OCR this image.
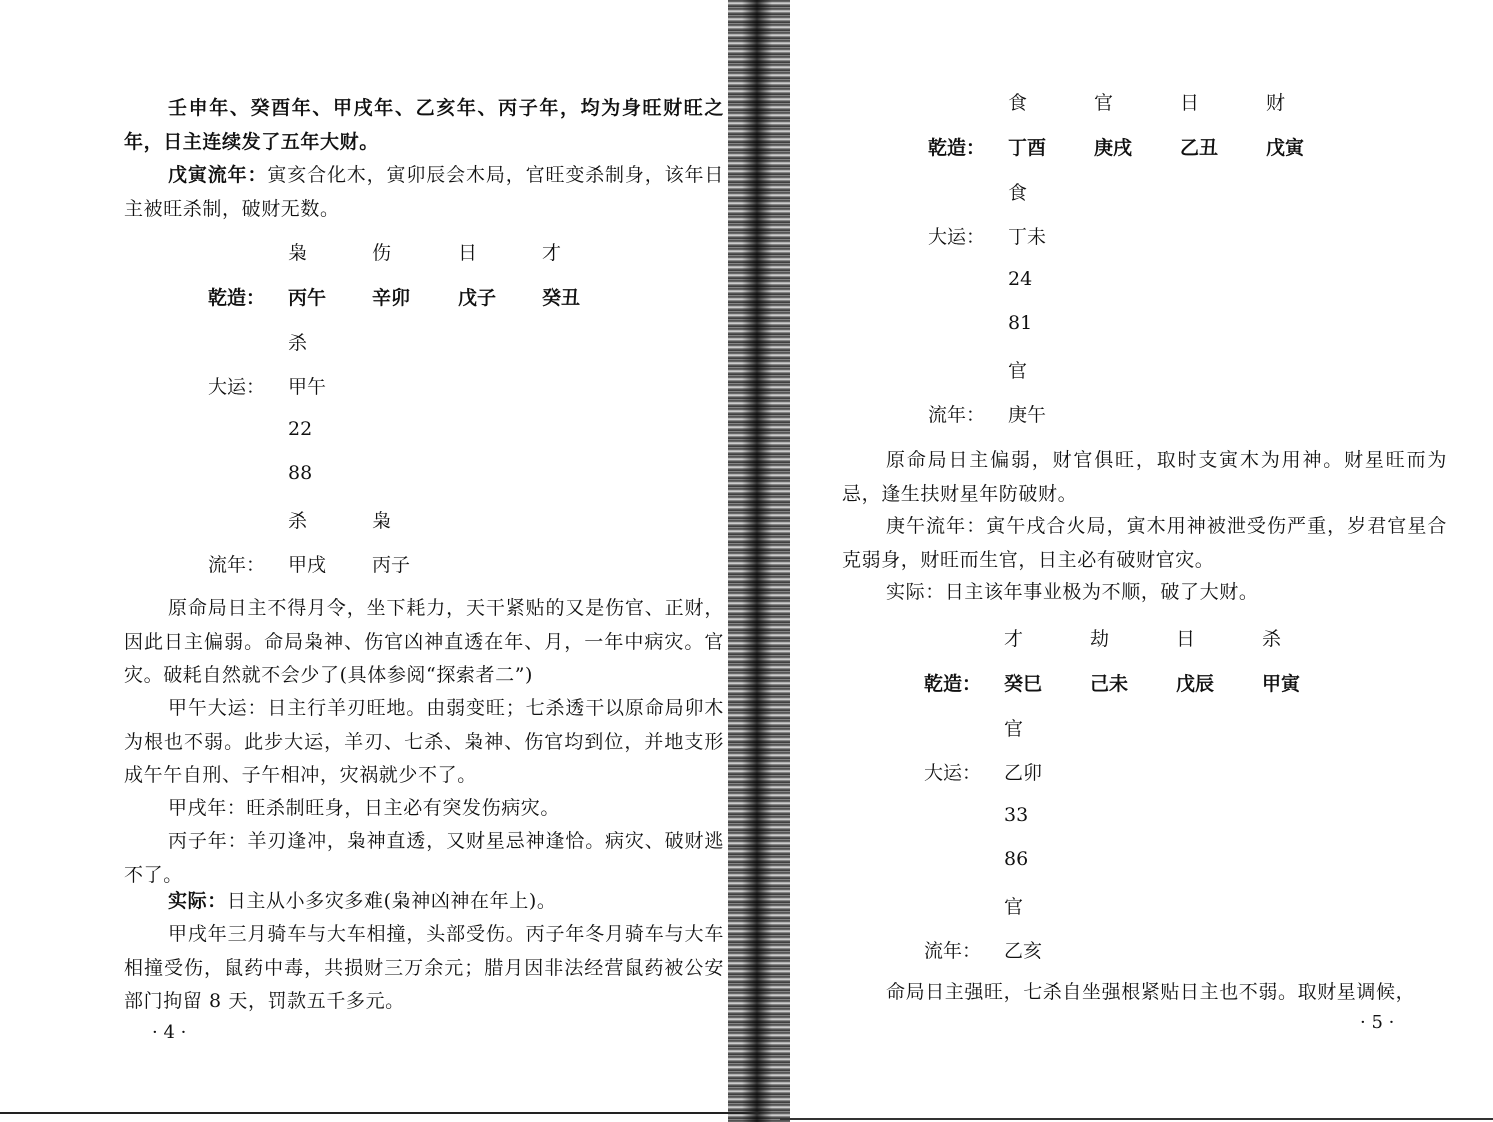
壬申年、癸酉年、甲戌年、乙亥年、丙子年，均为身旺财旺之年，日主连续发了五年大财。

戊寅流年：寅亥合化木，寅卯辰会木局，官旺变杀制身，该年日主被旺杀制，破财无数。

枭	伤	日	才
乾造： 丙午 辛卯	戊子 癸丑
杀
大运： 甲午
22
88
杀	枭
流年： 甲戌 丙子

原命局日主不得月令，坐下耗力，天干紧贴的又是伤官、正财，因此日主偏弱。命局枭神、伤官凶神直透在年、月，一年中病灾。官灾。破耗自然就不会少了(具体参阅“探索者二”)

甲午大运：日主行羊刃旺地。由弱变旺；七杀透干以原命局卯木为根也不弱。此步大运，羊刃、七杀、枭神、伤官均到位，并地支形成午午自刑、子午相冲，灾祸就少不了。

甲戌年：旺杀制旺身，日主必有突发伤病灾。

丙子年：羊刃逢冲，枭神直透，又财星忌神逢恰。病灾、破财逃不了。

实际：日主从小多灾多难(枭神凶神在年上)。

甲戌年三月骑车与大车相撞，头部受伤。丙子年冬月骑车与大车相撞受伤，鼠药中毒，共损财三万余元；腊月因非法经营鼠药被公安部门拘留 8 天，罚款五千多元。

· 4 ·
食	官	日	财
乾造： 丁酉	庚戌	乙丑	戊寅
食
大运： 丁未
24
81
官
流年： 庚午

原命局日主偏弱，财官俱旺，取时支寅木为用神。财星旺而为忌，逢生扶财星年防破财。

庚午流年：寅午戌合火局，寅木用神被泄受伤严重，岁君官星合克弱身，财旺而生官，日主必有破财官灾。

实际：日主该年事业极为不顺，破了大财。

才	劫	日	杀
乾造： 癸巳	己未	戊辰	甲寅
官
大运： 乙卯
33
86
官
流年： 乙亥

命局日主强旺，七杀自坐强根紧贴日主也不弱。取财星调候，

· 5 ·
